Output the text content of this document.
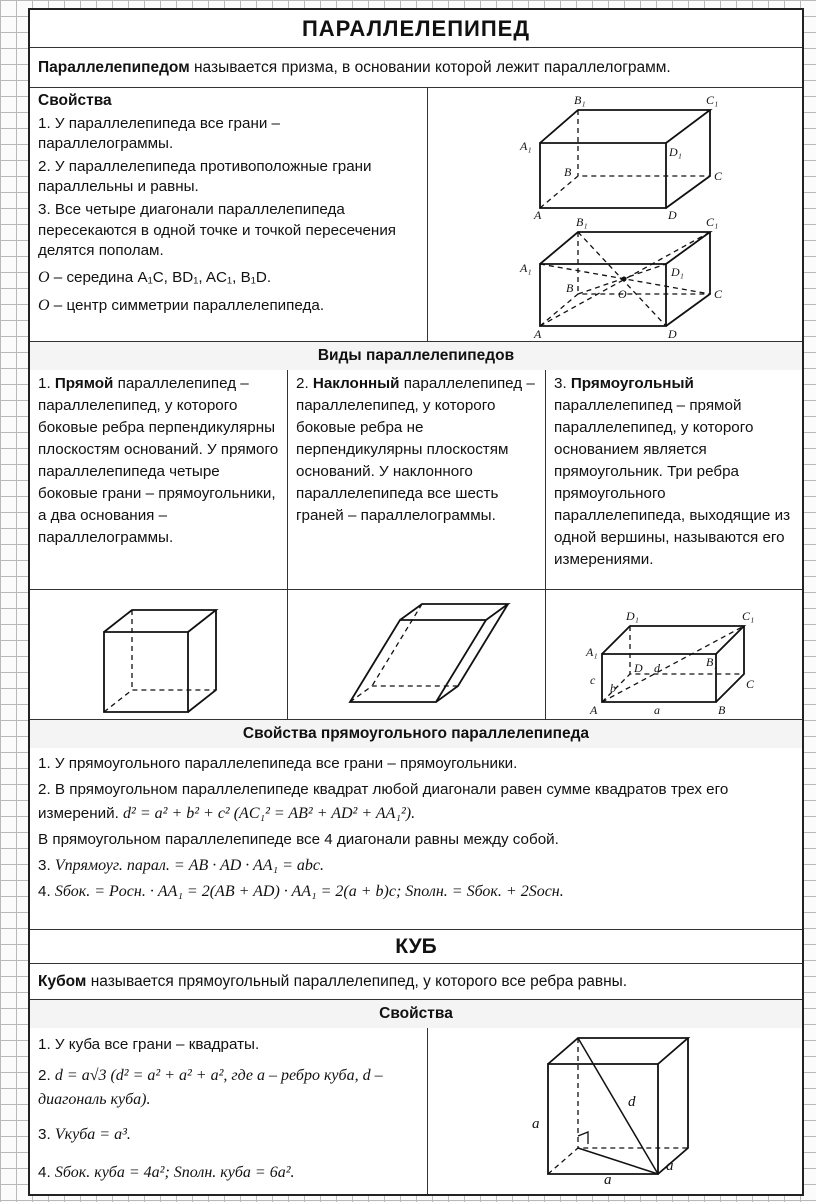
ПАРАЛЛЕЛЕПИПЕД
Параллелепипедом называется призма, в основании которой лежит параллелограмм.
Свойства

1. У параллелепипеда все грани – параллелограммы.

2. У параллелепипеда противоположные грани параллельны и равны.

3. Все четыре диагонали параллелепипеда пересекаются в одной точке и точкой пересечения делятся пополам.

O – середина A₁C, BD₁, AC₁, B₁D.

O – центр симметрии параллелепипеда.

B₁	C₁
A₁	D₁
B	C
A	D
B₁	C₁
A₁	D₁
B	O	C
A	D
Виды параллелепипедов
1. Прямой параллелепипед – параллелепипед, у которого боковые ребра перпендикулярны плоскостям оснований. У прямого параллелепипеда четыре боковые грани – прямоугольники, а два основания – параллелограммы.
2. Наклонный параллелепипед – параллелепипед, у которого боковые ребра не перпендикулярны плоскостям оснований. У наклонного параллелепипеда все шесть граней – параллелограммы.
3. Прямоугольный параллелепипед – прямой параллелепипед, у которого основанием является прямоугольник. Три ребра прямоугольного параллелепипеда, выходящие из одной вершины, называются его измерениями.
D₁	C₁
A₁
B₁
D d
c
b	C
A	a	B
Свойства прямоугольного параллелепипеда

1. У прямоугольного параллелепипеда все грани – прямоугольники.

2. В прямоугольном параллелепипеде квадрат любой диагонали равен сумме квадратов трех его измерений. d² = a² + b² + c² (AC₁² = AB² + AD² + AA₁²).

В прямоугольном параллелепипеде все 4 диагонали равны между собой.

3. Vпрямоуг. парал. = AB · AD · AA₁ = abc.

4. Sбок. = Pосн. · AA₁ = 2(AB + AD) · AA₁ = 2(a + b)c; Sполн. = Sбок. + 2Sосн.

КУБ
Кубом называется прямоугольный параллелепипед, у которого все ребра равны.
Свойства
1. У куба все грани – квадраты.
2. d = a√3 (d² = a² + a² + a², где a – ребро куба, d – диагональ куба).
3. Vкуба = a³.
4. Sбок. куба = 4a²; Sполн. куба = 6a².
a
d
a
a
